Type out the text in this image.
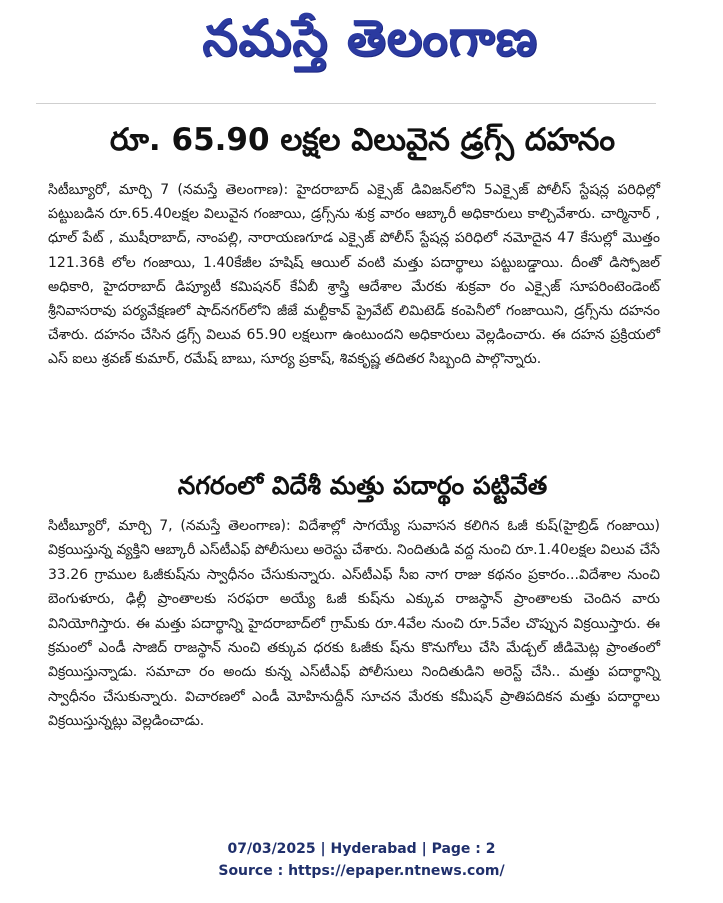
నమస్తే తెలంగాణ
రూ. 65.90 లక్షల విలువైన డ్రగ్స్ దహనం
సిటీబ్యూరో, మార్చి 7 (నమస్తే తెలంగాణ): హైదరాబాద్ ఎక్సైజ్ డివిజన్‌లోని 5ఎక్సైజ్ పోలీస్ స్టేషన్ల పరిధిల్లో పట్టుబడిన రూ.65.40లక్షల విలువైన గంజాయి, డ్రగ్స్‌ను శుక్ర వారం ఆబ్కారీ అధికారులు కాల్చివేశారు. చార్మినార్ , ధూల్ పేట్ , ముషీరాబాద్, నాంపల్లి, నారాయణగూడ ఎక్సైజ్ పోలీస్ స్టేషన్ల పరిధిలో నమోదైన 47 కేసుల్లో మొత్తం 121.36కి లోల గంజాయి, 1.40కేజీల హషిష్ ఆయిల్ వంటి మత్తు పదార్థాలు పట్టుబడ్డాయి. దీంతో డిస్పోజల్ అధికారి, హైదరాబాద్ డిప్యూటీ కమిషనర్ కేఏబీ శ్రాస్త్రి ఆదేశాల మేరకు శుక్రవా రం ఎక్సైజ్ సూపరింటెండెంట్ శ్రీనివాసరావు పర్యవేక్షణలో షాద్‌నగర్‌లోని జీజే మల్టీకావ్ ప్రైవేట్ లిమిటెడ్ కంపెనీలో గంజాయిని, డ్రగ్స్‌ను దహనం చేశారు. దహనం చేసిన డ్రగ్స్ విలువ 65.90 లక్షలుగా ఉంటుందని అధికారులు వెల్లడించారు. ఈ దహన ప్రక్రియలో ఎస్ ఐలు శ్రవణ్ కుమార్, రమేష్ బాబు, సూర్య ప్రకాష్, శివకృష్ణ తదితర సిబ్బంది పాల్గొన్నారు.
నగరంలో విదేశీ మత్తు పదార్థం పట్టివేత
సిటీబ్యూరో, మార్చి 7, (నమస్తే తెలంగాణ): విదేశాల్లో సాగయ్యే సువాసన కలిగిన ఓజీ కుష్(హైబ్రిడ్ గంజాయి) విక్రయిస్తున్న వ్యక్తిని ఆబ్కారీ ఎస్‌టీఎఫ్ పోలీసులు అరెస్టు చేశారు. నిందితుడి వద్ద నుంచి రూ.1.40లక్షల విలువ చేసే 33.26 గ్రాముల ఓజీకుష్‌ను స్వాధీనం చేసుకున్నారు. ఎస్‌టీఎఫ్ సీఐ నాగ రాజు కథనం ప్రకారం...విదేశాల నుంచి బెంగుళూరు, ఢిల్లీ ప్రాంతాలకు సరఫరా అయ్యే ఓజీ కుష్‌ను ఎక్కువ రాజస్థాన్ ప్రాంతాలకు చెందిన వారు వినియోగిస్తారు. ఈ మత్తు పదార్థాన్ని హైదరాబాద్‌లో గ్రామ్‌కు రూ.4వేల నుంచి రూ.5వేల చొప్పున విక్రయిస్తారు. ఈ క్రమంలో ఎండీ సాజిద్ రాజస్థాన్ నుంచి తక్కువ ధరకు ఓజీకు ష్‌ను కొనుగోలు చేసి మేడ్చల్ జీడిమెట్ల ప్రాంతంలో విక్రయిస్తున్నాడు. సమాచా రం అందు కున్న ఎస్‌టీఎఫ్ పోలీసులు నిందితుడిని అరెస్ట్ చేసి.. మత్తు పదార్థాన్ని స్వాధీనం చేసుకున్నారు. విచారణలో ఎండీ మోహినుద్దీన్ సూచన మేరకు కమీషన్ ప్రాతిపదికన మత్తు పదార్థాలు విక్రయిస్తున్నట్లు వెల్లడించాడు.
07/03/2025 | Hyderabad | Page : 2
Source : https://epaper.ntnews.com/
